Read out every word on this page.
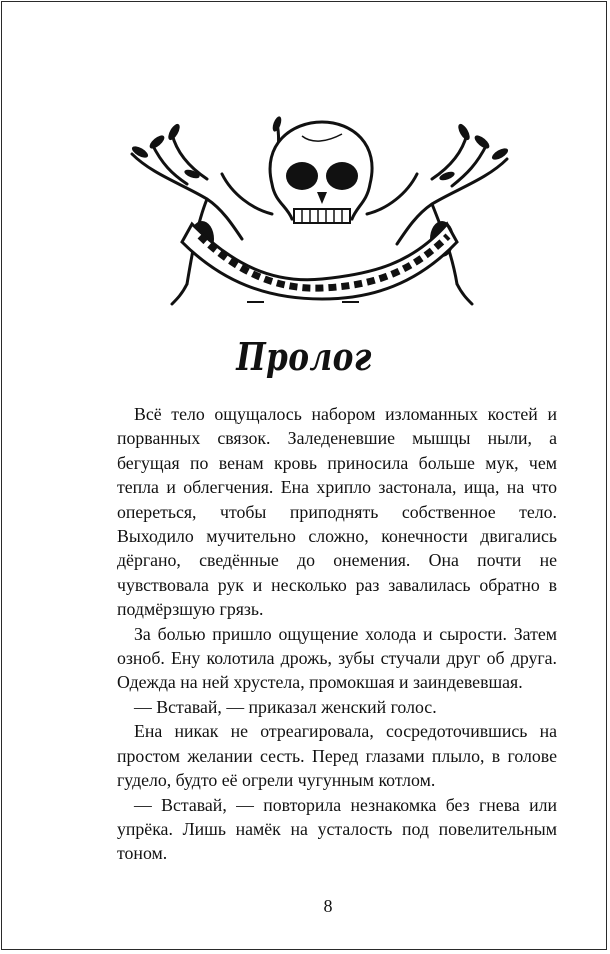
Пролог

Всё тело ощущалось набором изломанных костей и порванных связок. Заледеневшие мышцы ныли, а бегущая по венам кровь приносила больше мук, чем тепла и облегчения. Ена хрипло застонала, ища, на что опереться, чтобы приподнять собственное тело. Выходило мучительно сложно, конечности двигались дёргано, сведённые до онемения. Она почти не чувствовала рук и несколько раз завалилась обратно в подмёрзшую грязь.

За болью пришло ощущение холода и сырости. Затем озноб. Ену колотила дрожь, зубы стучали друг об друга. Одежда на ней хрустела, промокшая и заиндевевшая.

— Вставай, — приказал женский голос.

Ена никак не отреагировала, сосредоточившись на простом желании сесть. Перед глазами плыло, в голове гудело, будто её огрели чугунным котлом.

— Вставай, — повторила незнакомка без гнева или упрёка. Лишь намёк на усталость под повелительным тоном.

8
